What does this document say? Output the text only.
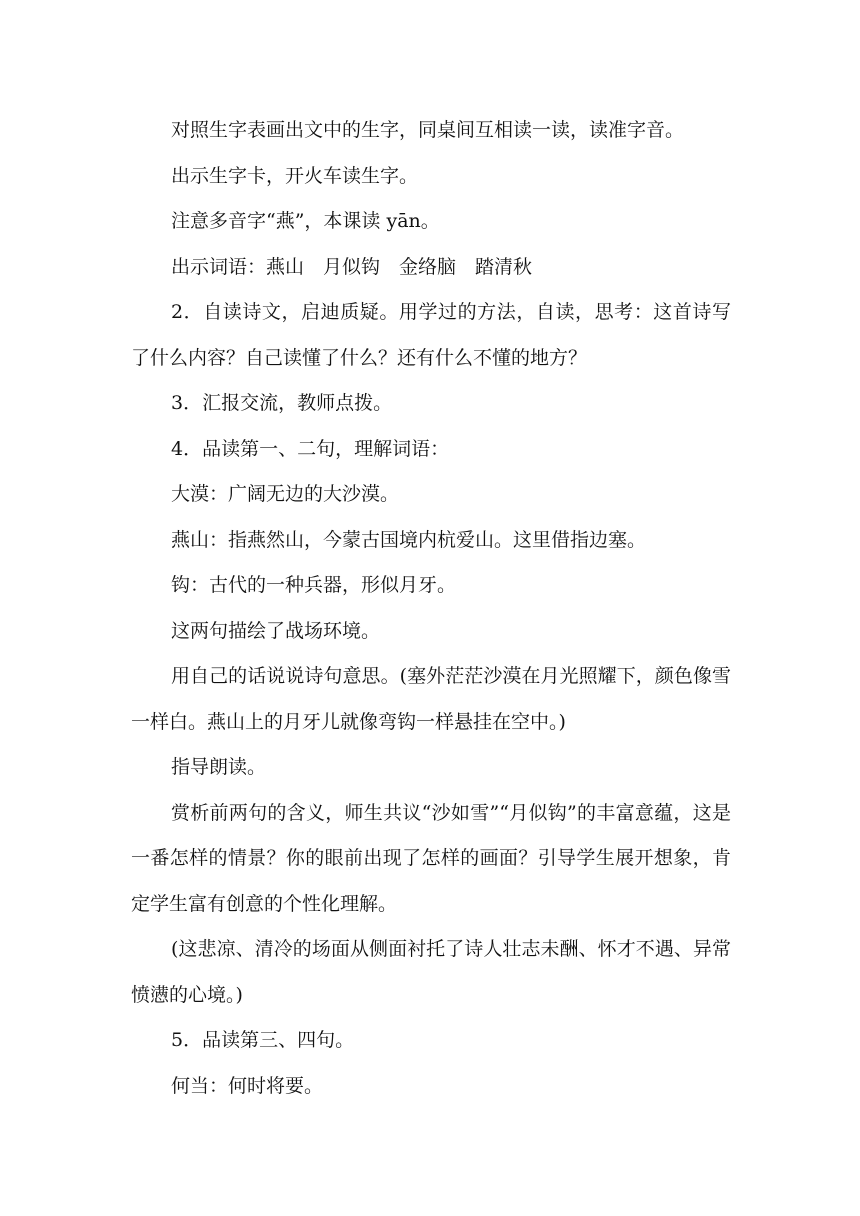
对照生字表画出文中的生字，同桌间互相读一读，读准字音。

出示生字卡，开火车读生字。

注意多音字“燕”，本课读 yān。

出示词语：燕山　月似钩　金络脑　踏清秋

2．自读诗文，启迪质疑。用学过的方法，自读，思考：这首诗写了什么内容？自己读懂了什么？还有什么不懂的地方？

3．汇报交流，教师点拨。

4．品读第一、二句，理解词语：

大漠：广阔无边的大沙漠。

燕山：指燕然山，今蒙古国境内杭爱山。这里借指边塞。

钩：古代的一种兵器，形似月牙。

这两句描绘了战场环境。

用自己的话说说诗句意思。(塞外茫茫沙漠在月光照耀下，颜色像雪一样白。燕山上的月牙儿就像弯钩一样悬挂在空中。)

指导朗读。

赏析前两句的含义，师生共议“沙如雪”“月似钩”的丰富意蕴，这是一番怎样的情景？你的眼前出现了怎样的画面？引导学生展开想象，肯定学生富有创意的个性化理解。

(这悲凉、清冷的场面从侧面衬托了诗人壮志未酬、怀才不遇、异常愤懑的心境。)

5．品读第三、四句。

何当：何时将要。
